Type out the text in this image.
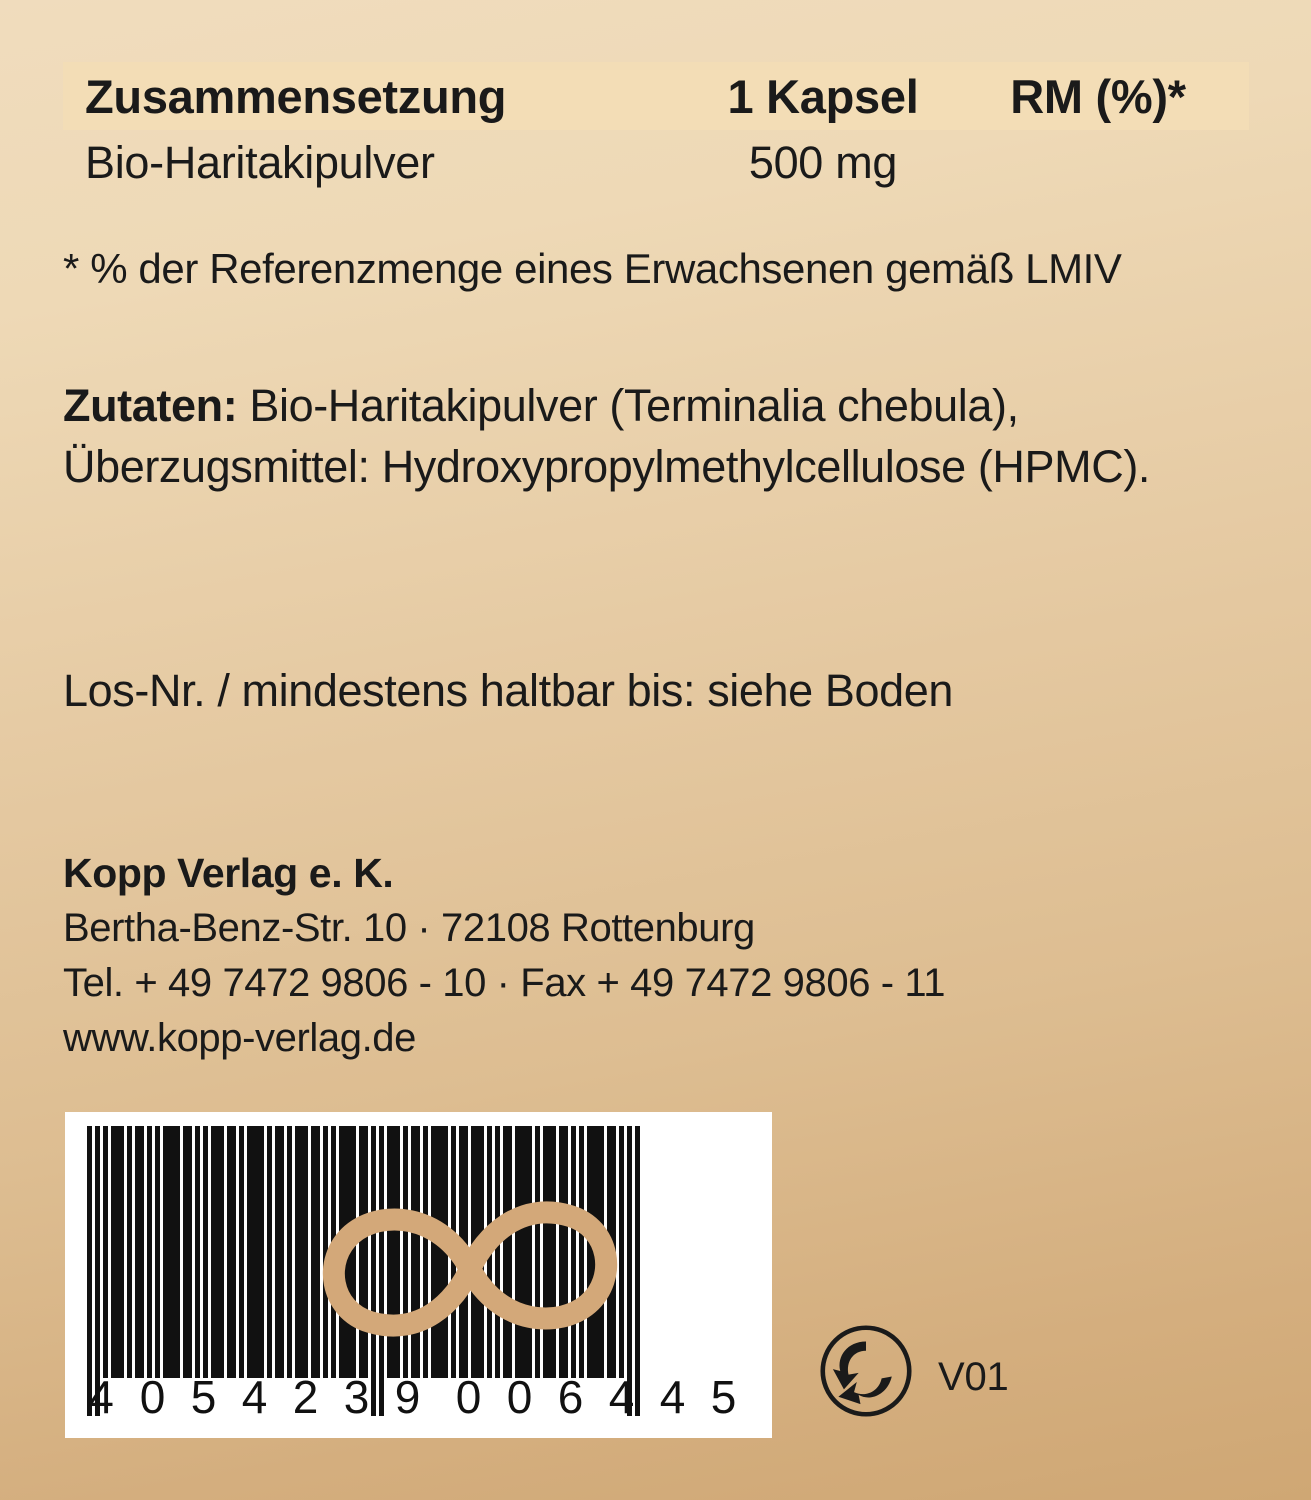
Zusammensetzung	1 Kapsel	RM (%)*
Bio-Haritakipulver	500 mg
* % der Referenzmenge eines Erwachsenen gemäß LMIV
Zutaten: Bio-Haritakipulver (Terminalia chebula), Überzugsmittel: Hydroxypropylmethylcellulose (HPMC).
Los-Nr. / mindestens haltbar bis: siehe Boden
Kopp Verlag e. K.
Bertha-Benz-Str. 10 · 72108 Rottenburg
Tel. + 49 7472 9806 - 10 · Fax + 49 7472 9806 - 11
www.kopp-verlag.de
4 0 5 4 2 3 9 0 0 6 4 4 5	V01
